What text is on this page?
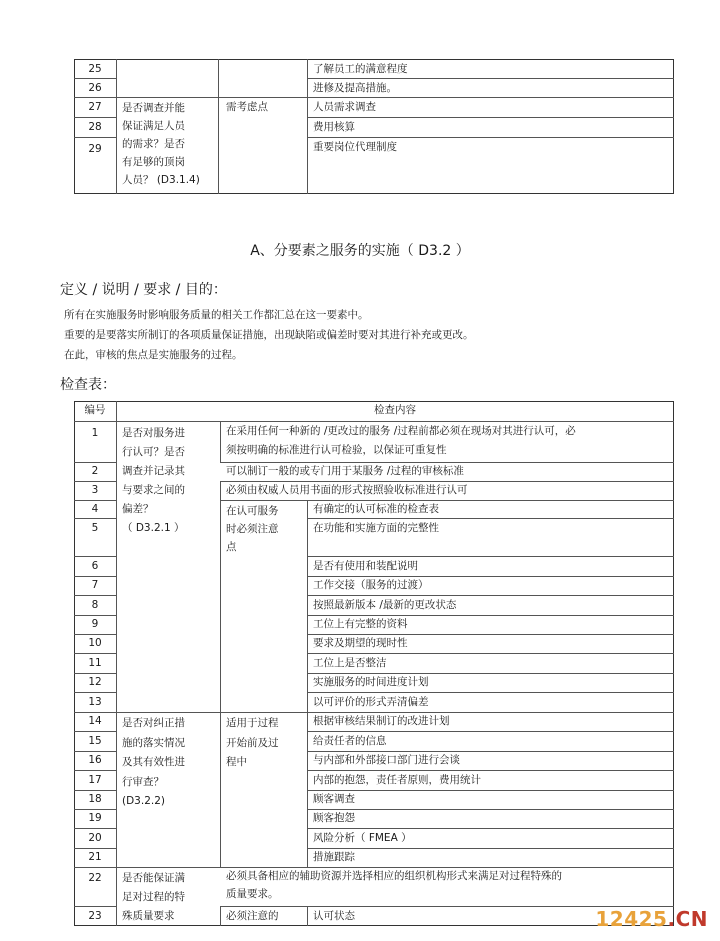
25
26
27
28
29
了解员工的满意程度
进修及提高措施。
人员需求调查
费用核算
重要岗位代理制度
是否调查并能
保证满足人员
的需求？是否
有足够的顶岗
人员？ (D3.1.4)
需考虑点
A、分要素之服务的实施（ D3.2 ）
定义 / 说明 / 要求 / 目的：
所有在实施服务时影响服务质量的相关工作都汇总在这一要素中。
重要的是要落实所制订的各项质量保证措施，出现缺陷或偏差时要对其进行补充或更改。
在此，审核的焦点是实施服务的过程。
检查表：
编号	检查内容
1
2
3
4
5
6
7
8
9
10
11
12
13
14
15
16
17
18
19
20
21
22
23
是否对服务进
行认可？是否
调查并记录其
与要求之间的
偏差？
（ D3.2.1 ）
是否对纠正措
施的落实情况
及其有效性进
行审查？
(D3.2.2)
是否能保证满
足对过程的特
殊质量要求
在采用任何一种新的 /更改过的服务 /过程前都必须在现场对其进行认可，必
须按明确的标准进行认可检验，以保证可重复性
可以制订一般的或专门用于某服务 /过程的审核标准
必须由权威人员用书面的形式按照验收标准进行认可
在认可服务
时必须注意
点
适用于过程
开始前及过
程中
必须注意的
有确定的认可标准的检查表
在功能和实施方面的完整性
是否有使用和装配说明
工作交接（服务的过渡）
按照最新版本 /最新的更改状态
工位上有完整的资料
要求及期望的现时性
工位上是否整洁
实施服务的时间进度计划
以可评价的形式弄清偏差
根据审核结果制订的改进计划
给责任者的信息
与内部和外部接口部门进行会谈
内部的抱怨，责任者原则，费用统计
顾客调查
顾客抱怨
风险分析（ FMEA ）
措施跟踪
必须具备相应的辅助资源并选择相应的组织机构形式来满足对过程特殊的
质量要求。
认可状态	12425.CN
